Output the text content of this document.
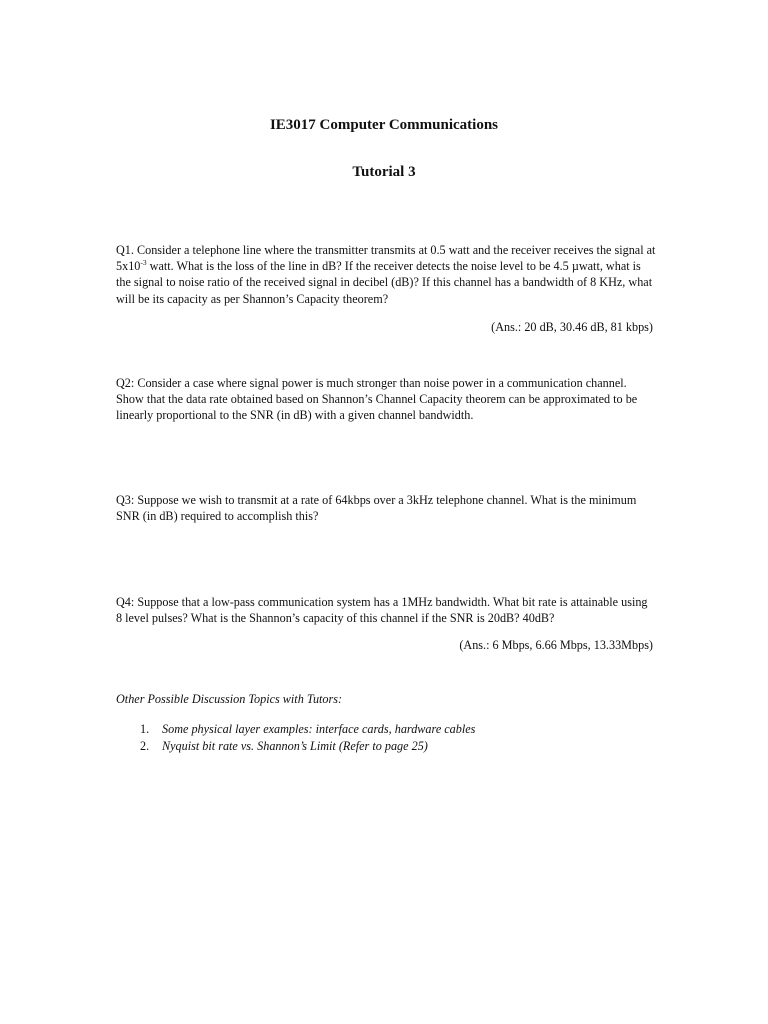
IE3017 Computer Communications
Tutorial 3

Q1. Consider a telephone line where the transmitter transmits at 0.5 watt and the receiver receives the signal at $5x10^{-3}$ watt. What is the loss of the line in dB? If the receiver detects the noise level to be 4.5 µwatt, what is the signal to noise ratio of the received signal in decibel (dB)? If this channel has a bandwidth of 8 KHz, what will be its capacity as per Shannon’s Capacity theorem?

(Ans.: 20 dB, 30.46 dB, 81 kbps)

Q2: Consider a case where signal power is much stronger than noise power in a communication channel. Show that the data rate obtained based on Shannon’s Channel Capacity theorem can be approximated to be linearly proportional to the SNR (in dB) with a given channel bandwidth.

Q3: Suppose we wish to transmit at a rate of 64kbps over a 3kHz telephone channel. What is the minimum SNR (in dB) required to accomplish this?

Q4: Suppose that a low-pass communication system has a 1MHz bandwidth. What bit rate is attainable using 8 level pulses? What is the Shannon’s capacity of this channel if the SNR is 20dB? 40dB?

(Ans.: 6 Mbps, 6.66 Mbps, 13.33Mbps)

Other Possible Discussion Topics with Tutors:

1.	Some physical layer examples: interface cards, hardware cables
2.	Nyquist bit rate vs. Shannon’s Limit (Refer to page 25)
